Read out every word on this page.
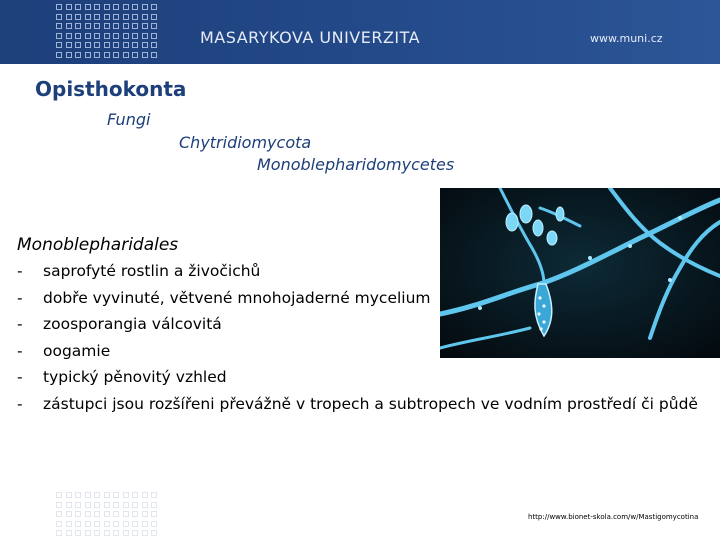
MASARYKOVA UNIVERZITA	www.muni.cz
Opisthokonta
Fungi
Chytridiomycota
Monoblepharidomycetes
Monoblepharidales
-	saprofyté rostlin a živočichů
-	dobře vyvinuté, větvené mnohojaderné mycelium
-	zoosporangia válcovitá
-	oogamie
-	typický pěnovitý vzhled
-	zástupci jsou rozšířeni převážně v tropech a subtropech ve vodním prostředí či půdě
http://www.bionet-skola.com/w/Mastigomycotina
